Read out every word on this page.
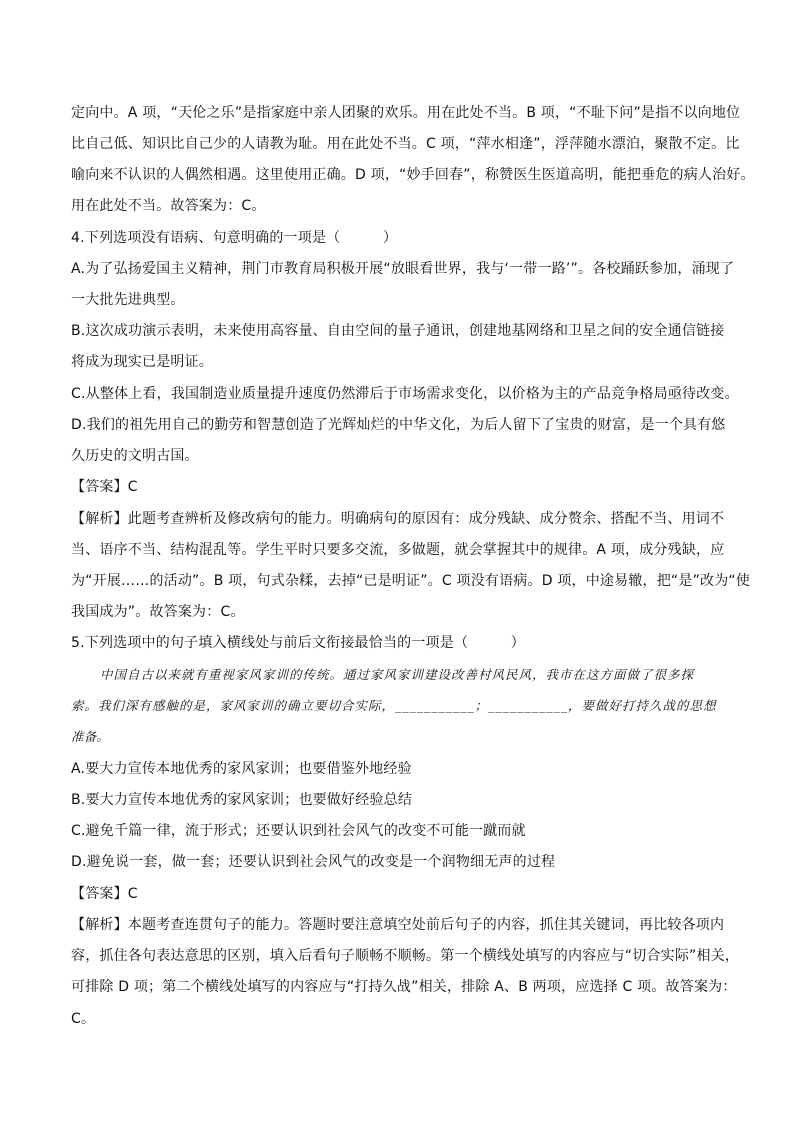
定向中。A 项，“天伦之乐”是指家庭中亲人团聚的欢乐。用在此处不当。B 项，“不耻下问”是指不以向地位
比自己低、知识比自己少的人请教为耻。用在此处不当。C 项，“萍水相逢”，浮萍随水漂泊，聚散不定。比
喻向来不认识的人偶然相遇。这里使用正确。D 项，“妙手回春”，称赞医生医道高明，能把垂危的病人治好。
用在此处不当。故答案为：C。
4.下列选项没有语病、句意明确的一项是（　　　）
A.为了弘扬爱国主义精神，荆门市教育局积极开展“放眼看世界，我与‘一带一路’”。各校踊跃参加，涌现了
一大批先进典型。
B.这次成功演示表明，未来使用高容量、自由空间的量子通讯，创建地基网络和卫星之间的安全通信链接
将成为现实已是明证。
C.从整体上看，我国制造业质量提升速度仍然滞后于市场需求变化，以价格为主的产品竞争格局亟待改变。
D.我们的祖先用自己的勤劳和智慧创造了光辉灿烂的中华文化，为后人留下了宝贵的财富，是一个具有悠
久历史的文明古国。
【答案】C
【解析】此题考查辨析及修改病句的能力。明确病句的原因有：成分残缺、成分赘余、搭配不当、用词不
当、语序不当、结构混乱等。学生平时只要多交流，多做题，就会掌握其中的规律。A 项，成分残缺，应
为“开展……的活动”。B 项，句式杂糅，去掉“已是明证”。C 项没有语病。D 项，中途易辙，把“是”改为“使
我国成为”。故答案为：C。
5.下列选项中的句子填入横线处与前后文衔接最恰当的一项是（　　　）
中国自古以来就有重视家风家训的传统。通过家风家训建设改善村风民风，我市在这方面做了很多探
索。我们深有感触的是，家风家训的确立要切合实际，___________；___________，要做好打持久战的思想
准备。
A.要大力宣传本地优秀的家风家训；也要借鉴外地经验
B.要大力宣传本地优秀的家风家训；也要做好经验总结
C.避免千篇一律，流于形式；还要认识到社会风气的改变不可能一蹴而就
D.避免说一套，做一套；还要认识到社会风气的改变是一个润物细无声的过程
【答案】C
【解析】本题考查连贯句子的能力。答题时要注意填空处前后句子的内容，抓住其关键词，再比较各项内
容，抓住各句表达意思的区别，填入后看句子顺畅不顺畅。第一个横线处填写的内容应与“切合实际”相关，
可排除 D 项；第二个横线处填写的内容应与“打持久战”相关，排除 A、B 两项，应选择 C 项。故答案为：
C。
